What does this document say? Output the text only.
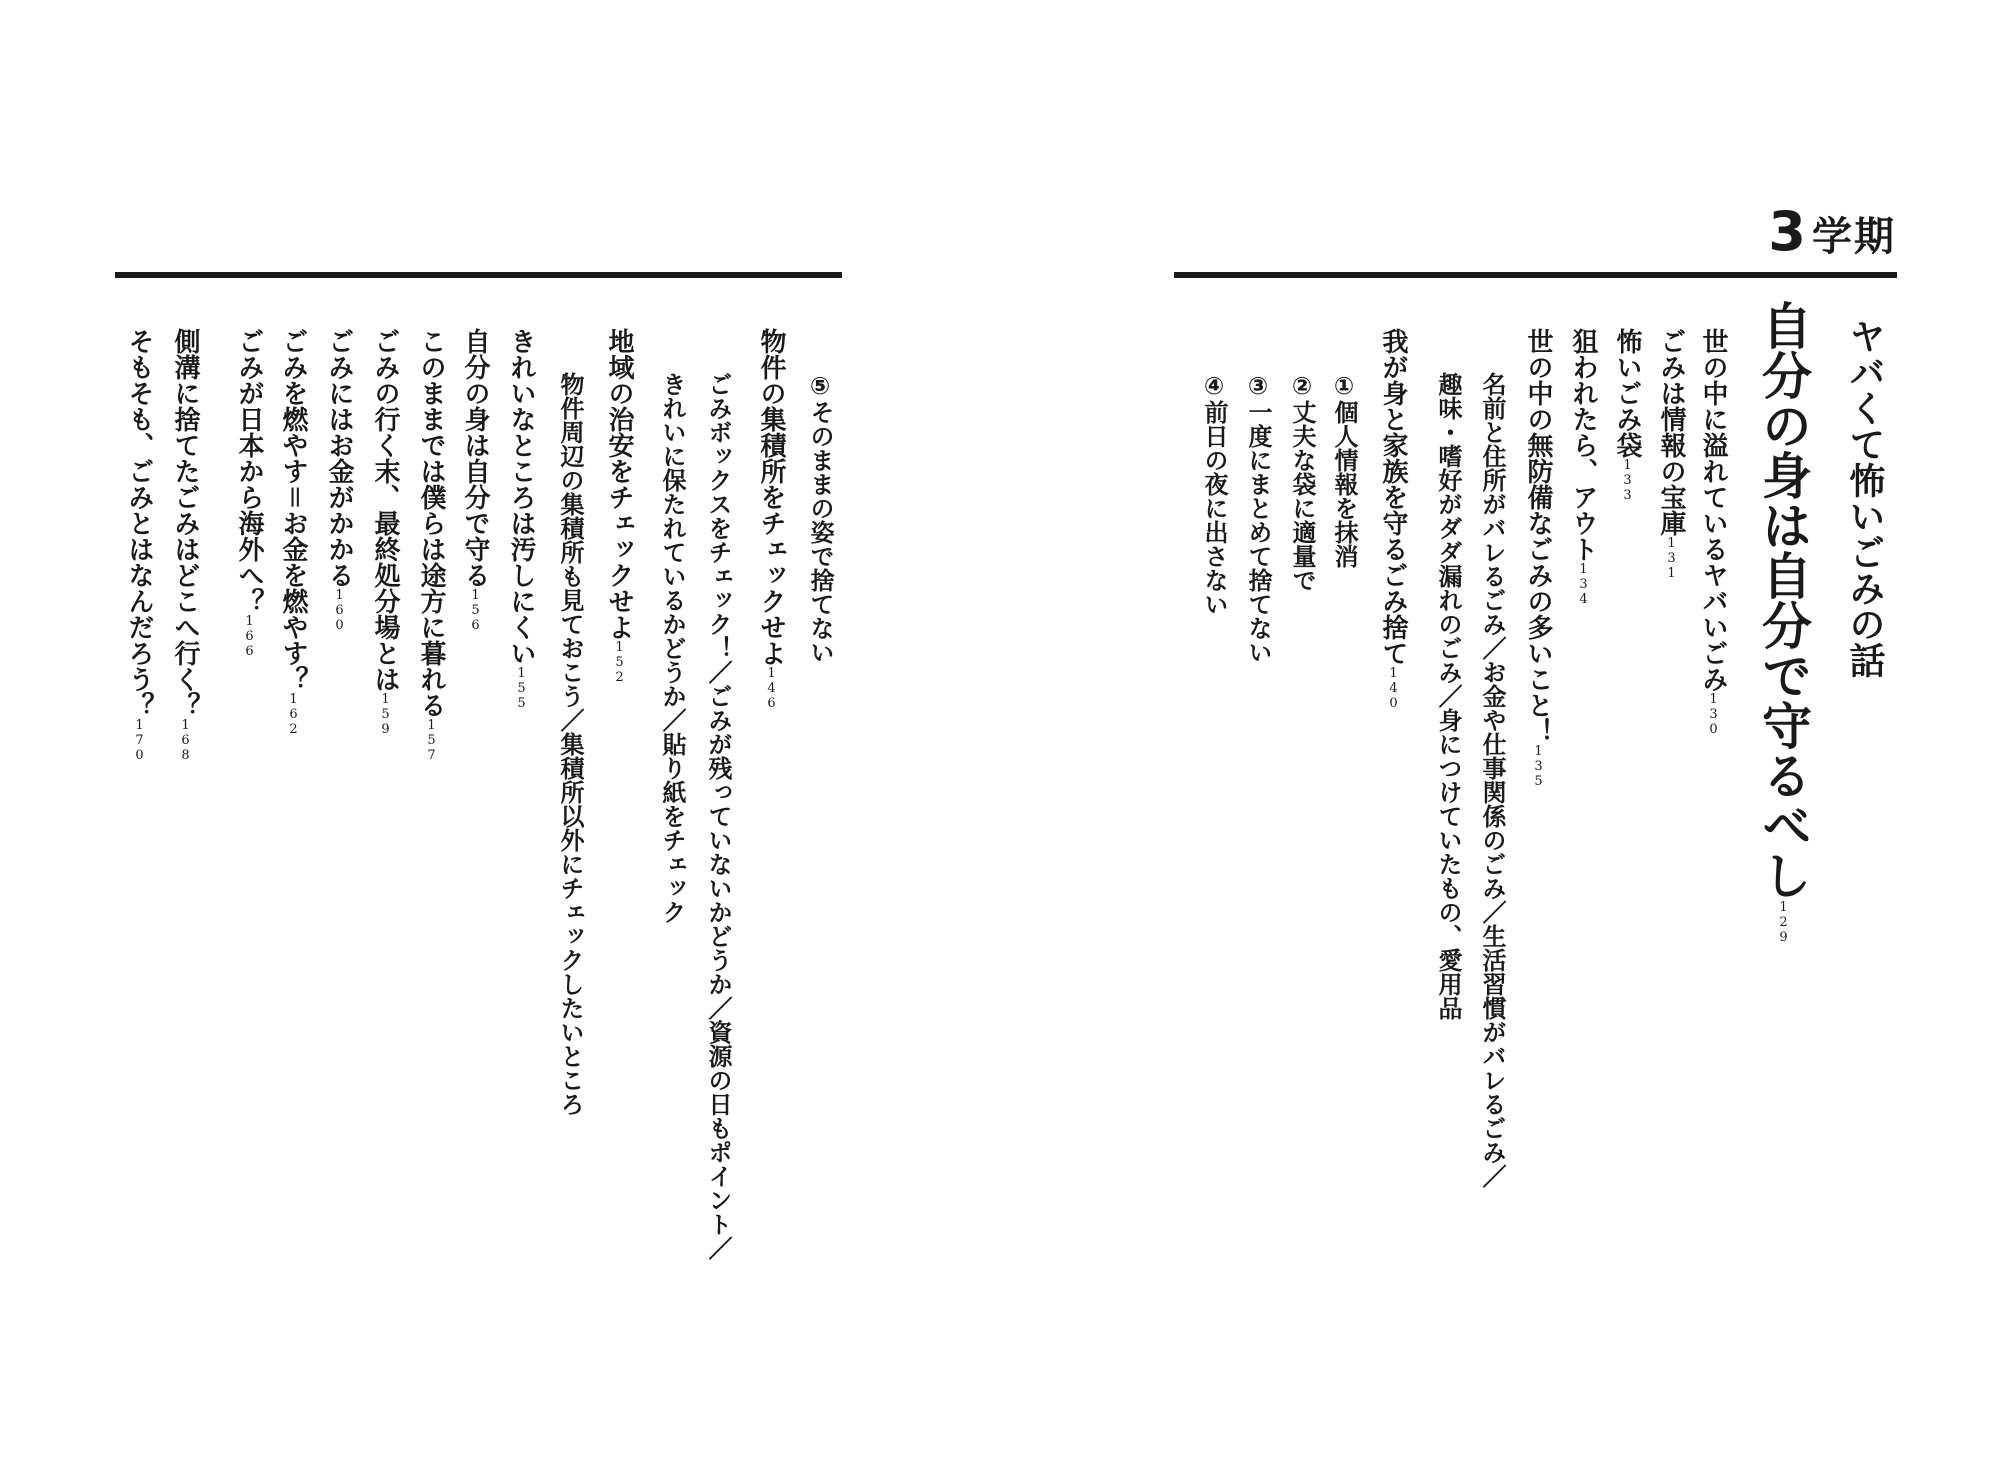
⑤そのままの姿で捨てない
物件の集積所をチェックせよ146
ごみボックスをチェック！／ごみが残っていないかどうか／資源の日もポイント／
きれいに保たれているかどうか／貼り紙をチェック
地域の治安をチェックせよ152
物件周辺の集積所も見ておこう／集積所以外にチェックしたいところ
きれいなところは汚しにくい155
自分の身は自分で守る156
このままでは僕らは途方に暮れる157
ごみの行く末、最終処分場とは159
ごみにはお金がかかる160
ごみを燃やす＝お金を燃やす？162
ごみが日本から海外へ？166
側溝に捨てたごみはどこへ行く？168
そもそも、ごみとはなんだろう？170
3 学期
ヤバくて怖いごみの話
自分の身は自分で守るべし129
世の中に溢れているヤバいごみ130
ごみは情報の宝庫131
怖いごみ袋133
狙われたら、アウト134
世の中の無防備なごみの多いこと！135
名前と住所がバレるごみ／お金や仕事関係のごみ／生活習慣がバレるごみ／
趣味・嗜好がダダ漏れのごみ／身につけていたもの、愛用品
我が身と家族を守るごみ捨て140
①個人情報を抹消
②丈夫な袋に適量で
③一度にまとめて捨てない
④前日の夜に出さない
